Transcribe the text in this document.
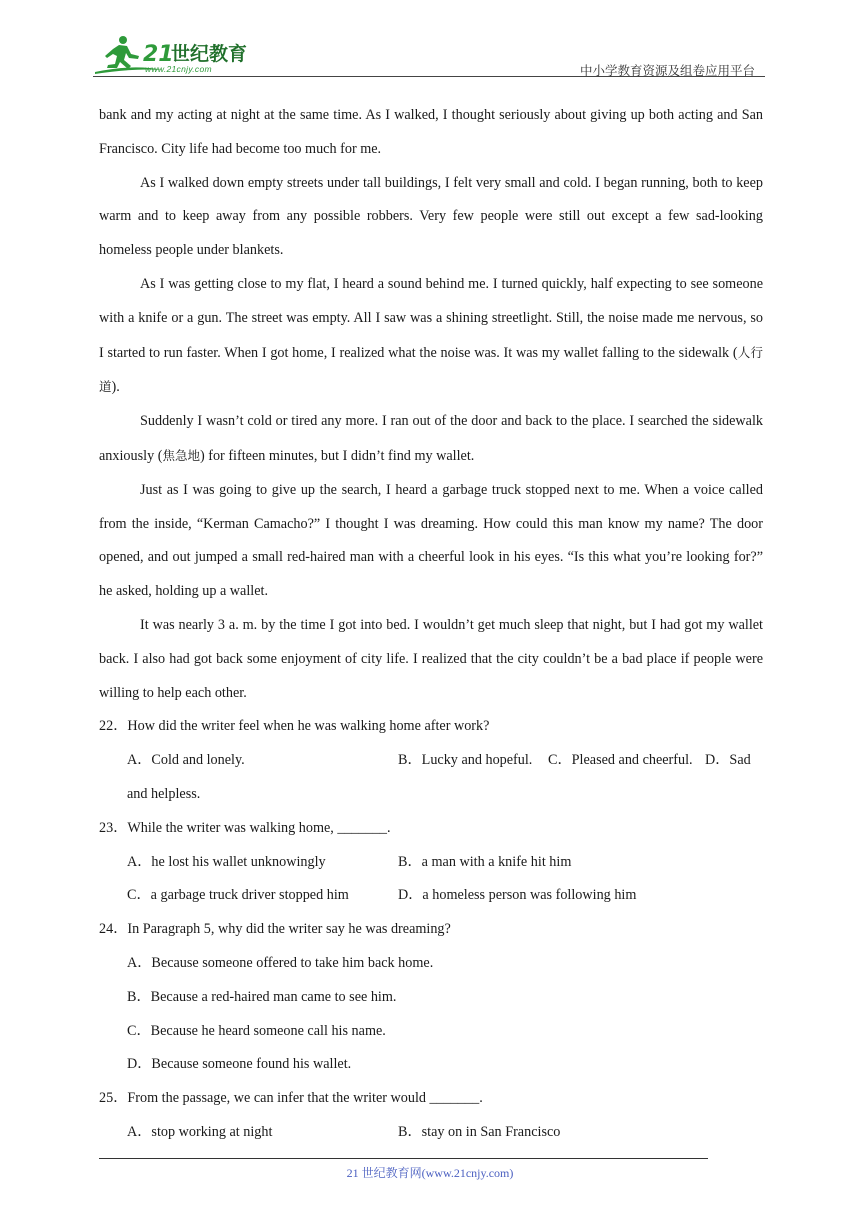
21
世纪教育
www.21cnjy.com	中小学教育资源及组卷应用平台

bank and my acting at night at the same time. As I walked, I thought seriously about giving up both acting and San Francisco. City life had become too much for me.

As I walked down empty streets under tall buildings, I felt very small and cold. I began running, both to keep warm and to keep away from any possible robbers. Very few people were still out except a few sad-looking homeless people under blankets.

As I was getting close to my flat, I heard a sound behind me. I turned quickly, half expecting to see someone with a knife or a gun. The street was empty. All I saw was a shining streetlight. Still, the noise made me nervous, so I started to run faster. When I got home, I realized what the noise was. It was my wallet falling to the sidewalk (人行道).

Suddenly I wasn’t cold or tired any more. I ran out of the door and back to the place. I searched the sidewalk anxiously (焦急地) for fifteen minutes, but I didn’t find my wallet.

Just as I was going to give up the search, I heard a garbage truck stopped next to me. When a voice called from the inside, “Kerman Camacho?” I thought I was dreaming. How could this man know my name? The door opened, and out jumped a small red-haired man with a cheerful look in his eyes. “Is this what you’re looking for?” he asked, holding up a wallet.

It was nearly 3 a. m. by the time I got into bed. I wouldn’t get much sleep that night, but I had got my wallet back. I also had got back some enjoyment of city life. I realized that the city couldn’t be a bad place if people were willing to help each other.

22．How did the writer feel when he was walking home after work?

A．Cold and lonely.	B．Lucky and hopeful. C．Pleased and cheerful. D．Sad

and helpless.

23．While the writer was walking home, _______.

A．he lost his wallet unknowingly	B．a man with a knife hit him
C．a garbage truck driver stopped him	D．a homeless person was following him

24．In Paragraph 5, why did the writer say he was dreaming?

A．Because someone offered to take him back home.

B．Because a red-haired man came to see him.

C．Because he heard someone call his name.

D．Because someone found his wallet.

25．From the passage, we can infer that the writer would _______.

A．stop working at night	B．stay on in San Francisco
21 世纪教育网(www.21cnjy.com)
